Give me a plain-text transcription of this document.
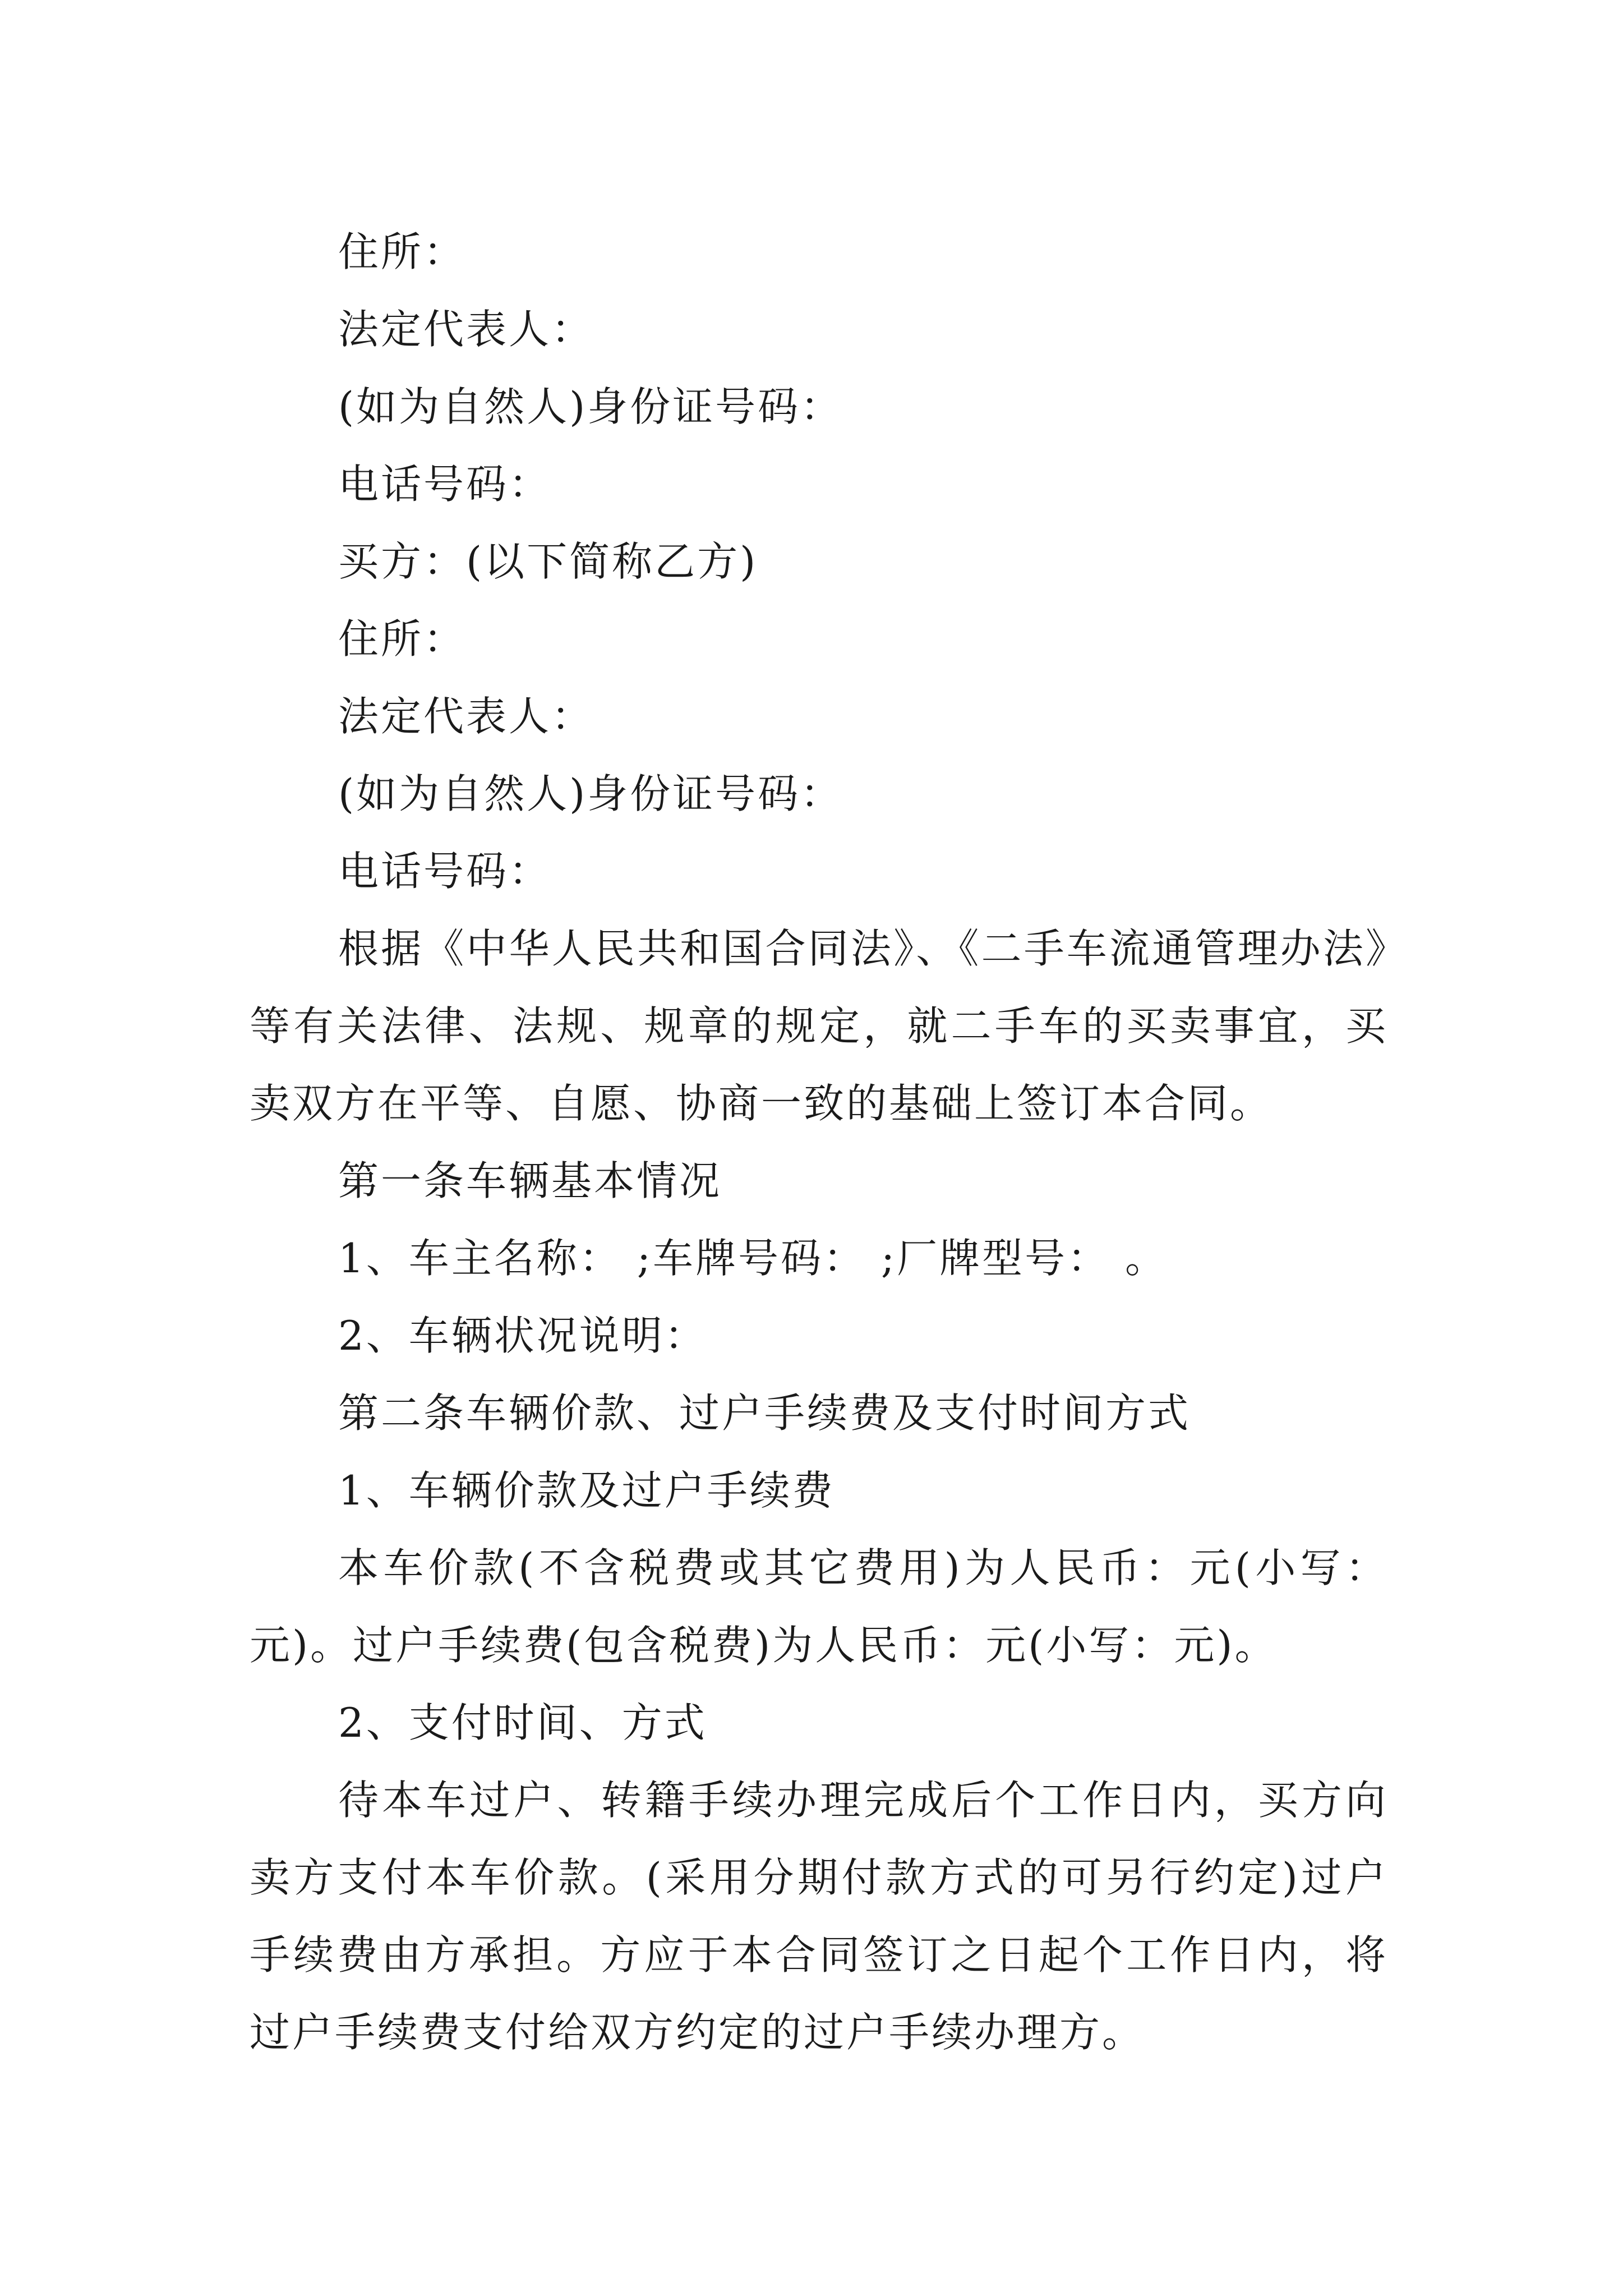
住所：
法定代表人：
(如为自然人)身份证号码：
电话号码：
买方：(以下简称乙方)
住所：
法定代表人：
(如为自然人)身份证号码：
电话号码：

根据《中华人民共和国合同法》、《二手车流通管理办法》等有关法律、法规、规章的规定，就二手车的买卖事宜，买卖双方在平等、自愿、协商一致的基础上签订本合同。

第一条车辆基本情况
1、车主名称： ;车牌号码： ;厂牌型号： 。
2、车辆状况说明：
第二条车辆价款、过户手续费及支付时间方式
1、车辆价款及过户手续费

本车价款(不含税费或其它费用)为人民币：元(小写：元)。过户手续费(包含税费)为人民币：元(小写：元)。

2、支付时间、方式

待本车过户、转籍手续办理完成后个工作日内，买方向卖方支付本车价款。(采用分期付款方式的可另行约定)过户手续费由方承担。方应于本合同签订之日起个工作日内，将过户手续费支付给双方约定的过户手续办理方。
